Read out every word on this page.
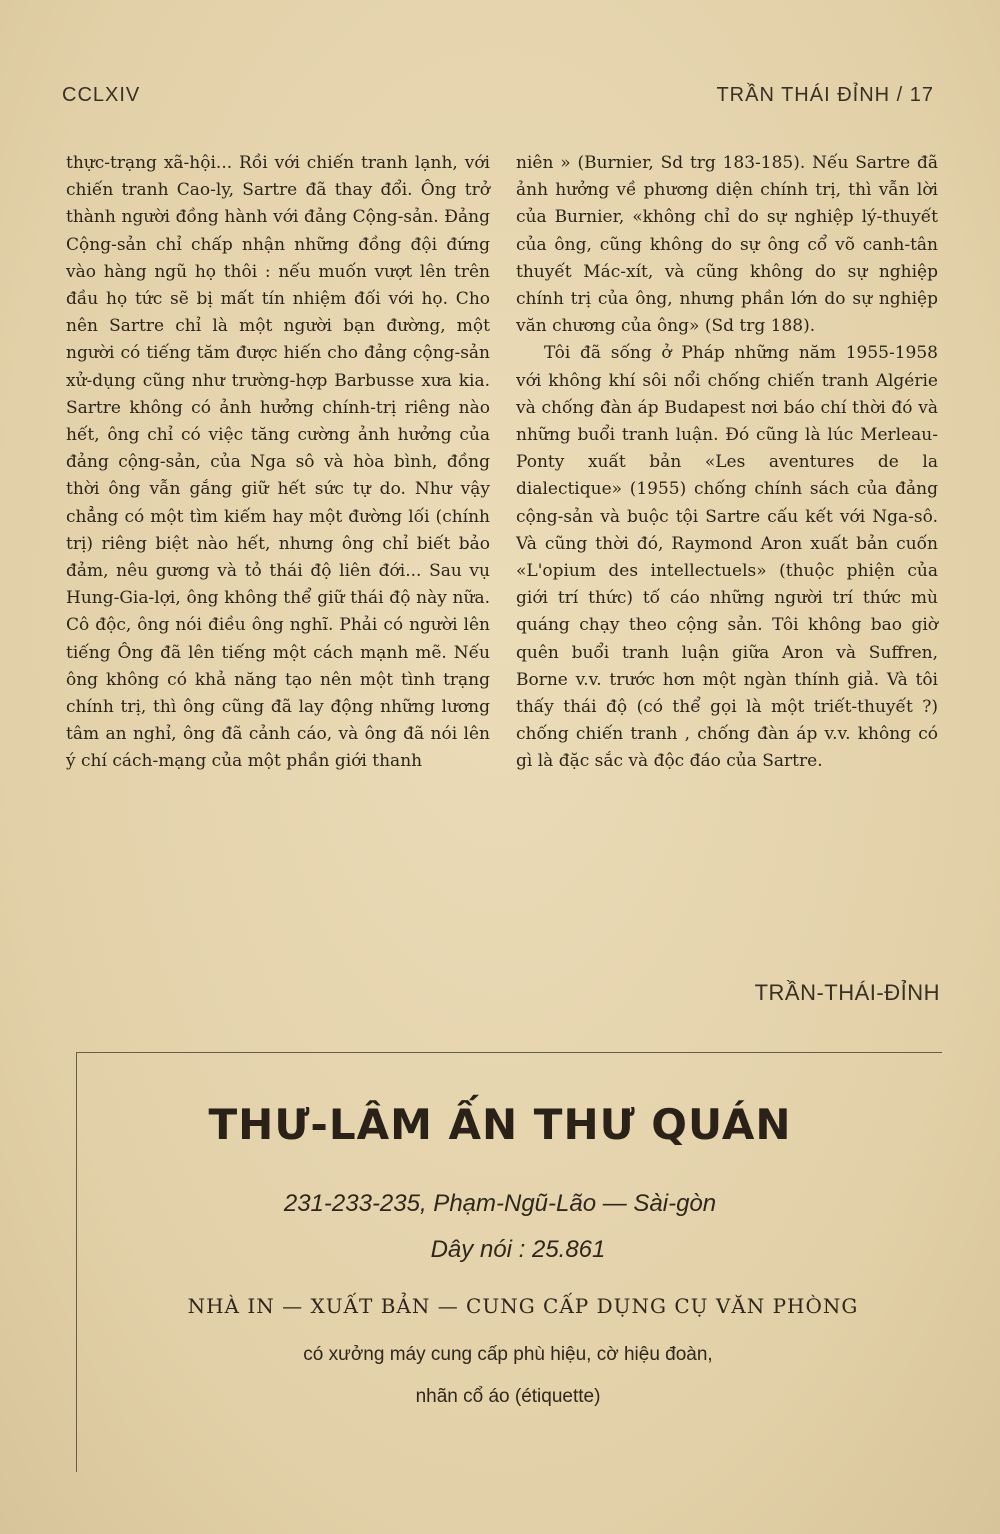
CCLXIV	TRẦN THÁI ĐỈNH / 17

thực-trạng xã-hội... Rồi với chiến tranh lạnh, với chiến tranh Cao-ly, Sartre đã thay đổi. Ông trở thành người đồng hành với đảng Cộng-sản. Đảng Cộng-sản chỉ chấp nhận những đồng đội đứng vào hàng ngũ họ thôi : nếu muốn vượt lên trên đầu họ tức sẽ bị mất tín nhiệm đối với họ. Cho nên Sartre chỉ là một người bạn đường, một người có tiếng tăm được hiến cho đảng cộng-sản xử-dụng cũng như trường-hợp Barbusse xưa kia. Sartre không có ảnh hưởng chính-trị riêng nào hết, ông chỉ có việc tăng cường ảnh hưởng của đảng cộng-sản, của Nga sô và hòa bình, đồng thời ông vẫn gắng giữ hết sức tự do. Như vậy chẳng có một tìm kiếm hay một đường lối (chính trị) riêng biệt nào hết, nhưng ông chỉ biết bảo đảm, nêu gương và tỏ thái độ liên đới... Sau vụ Hung-Gia-lợi, ông không thể giữ thái độ này nữa. Cô độc, ông nói điều ông nghĩ. Phải có người lên tiếng Ông đã lên tiếng một cách mạnh mẽ. Nếu ông không có khả năng tạo nên một tình trạng chính trị, thì ông cũng đã lay động những lương tâm an nghỉ, ông đã cảnh cáo, và ông đã nói lên ý chí cách-mạng của một phần giới thanh

niên » (Burnier, Sd trg 183-185). Nếu Sartre đã ảnh hưởng về phương diện chính trị, thì vẫn lời của Burnier, «không chỉ do sự nghiệp lý-thuyết của ông, cũng không do sự ông cổ võ canh-tân thuyết Mác-xít, và cũng không do sự nghiệp chính trị của ông, nhưng phần lớn do sự nghiệp văn chương của ông» (Sd trg 188).

Tôi đã sống ở Pháp những năm 1955-1958 với không khí sôi nổi chống chiến tranh Algérie và chống đàn áp Budapest nơi báo chí thời đó và những buổi tranh luận. Đó cũng là lúc Merleau-Ponty xuất bản «Les aventures de la dialectique» (1955) chống chính sách của đảng cộng-sản và buộc tội Sartre cấu kết với Nga-sô. Và cũng thời đó, Raymond Aron xuất bản cuốn «L'opium des intellectuels» (thuộc phiện của giới trí thức) tố cáo những người trí thức mù quáng chạy theo cộng sản. Tôi không bao giờ quên buổi tranh luận giữa Aron và Suffren, Borne v.v. trước hơn một ngàn thính giả. Và tôi thấy thái độ (có thể gọi là một triết-thuyết ?) chống chiến tranh , chống đàn áp v.v. không có gì là đặc sắc và độc đáo của Sartre.

TRẦN-THÁI-ĐỈNH
THƯ-LÂM ẤN THƯ QUÁN
231-233-235, Phạm-Ngũ-Lão — Sài-gòn
Dây nói : 25.861
NHÀ IN — XUẤT BẢN — CUNG CẤP DỤNG CỤ VĂN PHÒNG
có xưởng máy cung cấp phù hiệu, cờ hiệu đoàn,
nhãn cổ áo (étiquette)
